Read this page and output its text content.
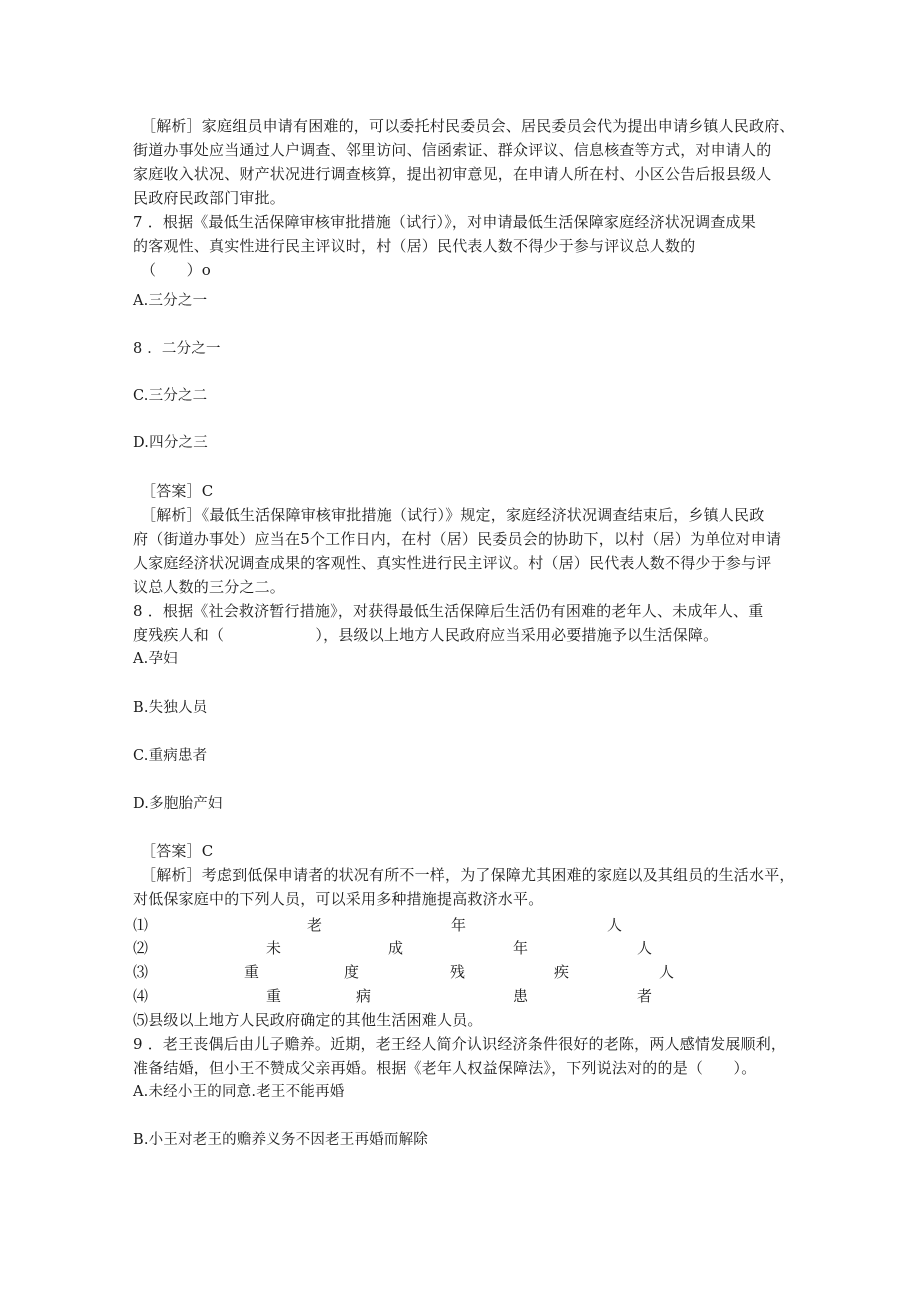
［解析］家庭组员申请有困难的，可以委托村民委员会、居民委员会代为提出申请乡镇人民政府、
街道办事处应当通过人户调查、邻里访问、信函索证、群众评议、信息核查等方式，对申请人的
家庭收入状况、财产状况进行调查核算，提出初审意见，在申请人所在村、小区公告后报县级人
民政府民政部门审批。
7 ．根据《最低生活保障审核审批措施（试行）》，对申请最低生活保障家庭经济状况调查成果
的客观性、真实性进行民主评议时，村（居）民代表人数不得少于参与评议总人数的
（　　）o
A.三分之一
8 ．二分之一
C.三分之二
D.四分之三
［答案］C
［解析］《最低生活保障审核审批措施（试行）》规定，家庭经济状况调查结束后，乡镇人民政
府（街道办事处）应当在5个工作日内，在村（居）民委员会的协助下，以村（居）为单位对申请
人家庭经济状况调查成果的客观性、真实性进行民主评议。村（居）民代表人数不得少于参与评
议总人数的三分之二。
8 ．根据《社会救济暂行措施》，对获得最低生活保障后生活仍有困难的老年人、未成年人、重
度残疾人和（　　　　　　），县级以上地方人民政府应当采用必要措施予以生活保障。
A.孕妇
B.失独人员
C.重病患者
D.多胞胎产妇
［答案］C
［解析］考虑到低保申请者的状况有所不一样，为了保障尤其困难的家庭以及其组员的生活水平，
对低保家庭中的下列人员，可以采用多种措施提高救济水平。
⑴	老	年	人
⑵	未	成	年	人
⑶	重	度	残	疾	人
⑷	重	病	患	者
⑸县级以上地方人民政府确定的其他生活困难人员。
9 ．老王丧偶后由儿子赡养。近期，老王经人简介认识经济条件很好的老陈，两人感情发展顺利，
准备结婚，但小王不赞成父亲再婚。根据《老年人权益保障法》，下列说法对的的是（　　）。
A.未经小王的同意.老王不能再婚
B.小王对老王的赡养义务不因老王再婚而解除
